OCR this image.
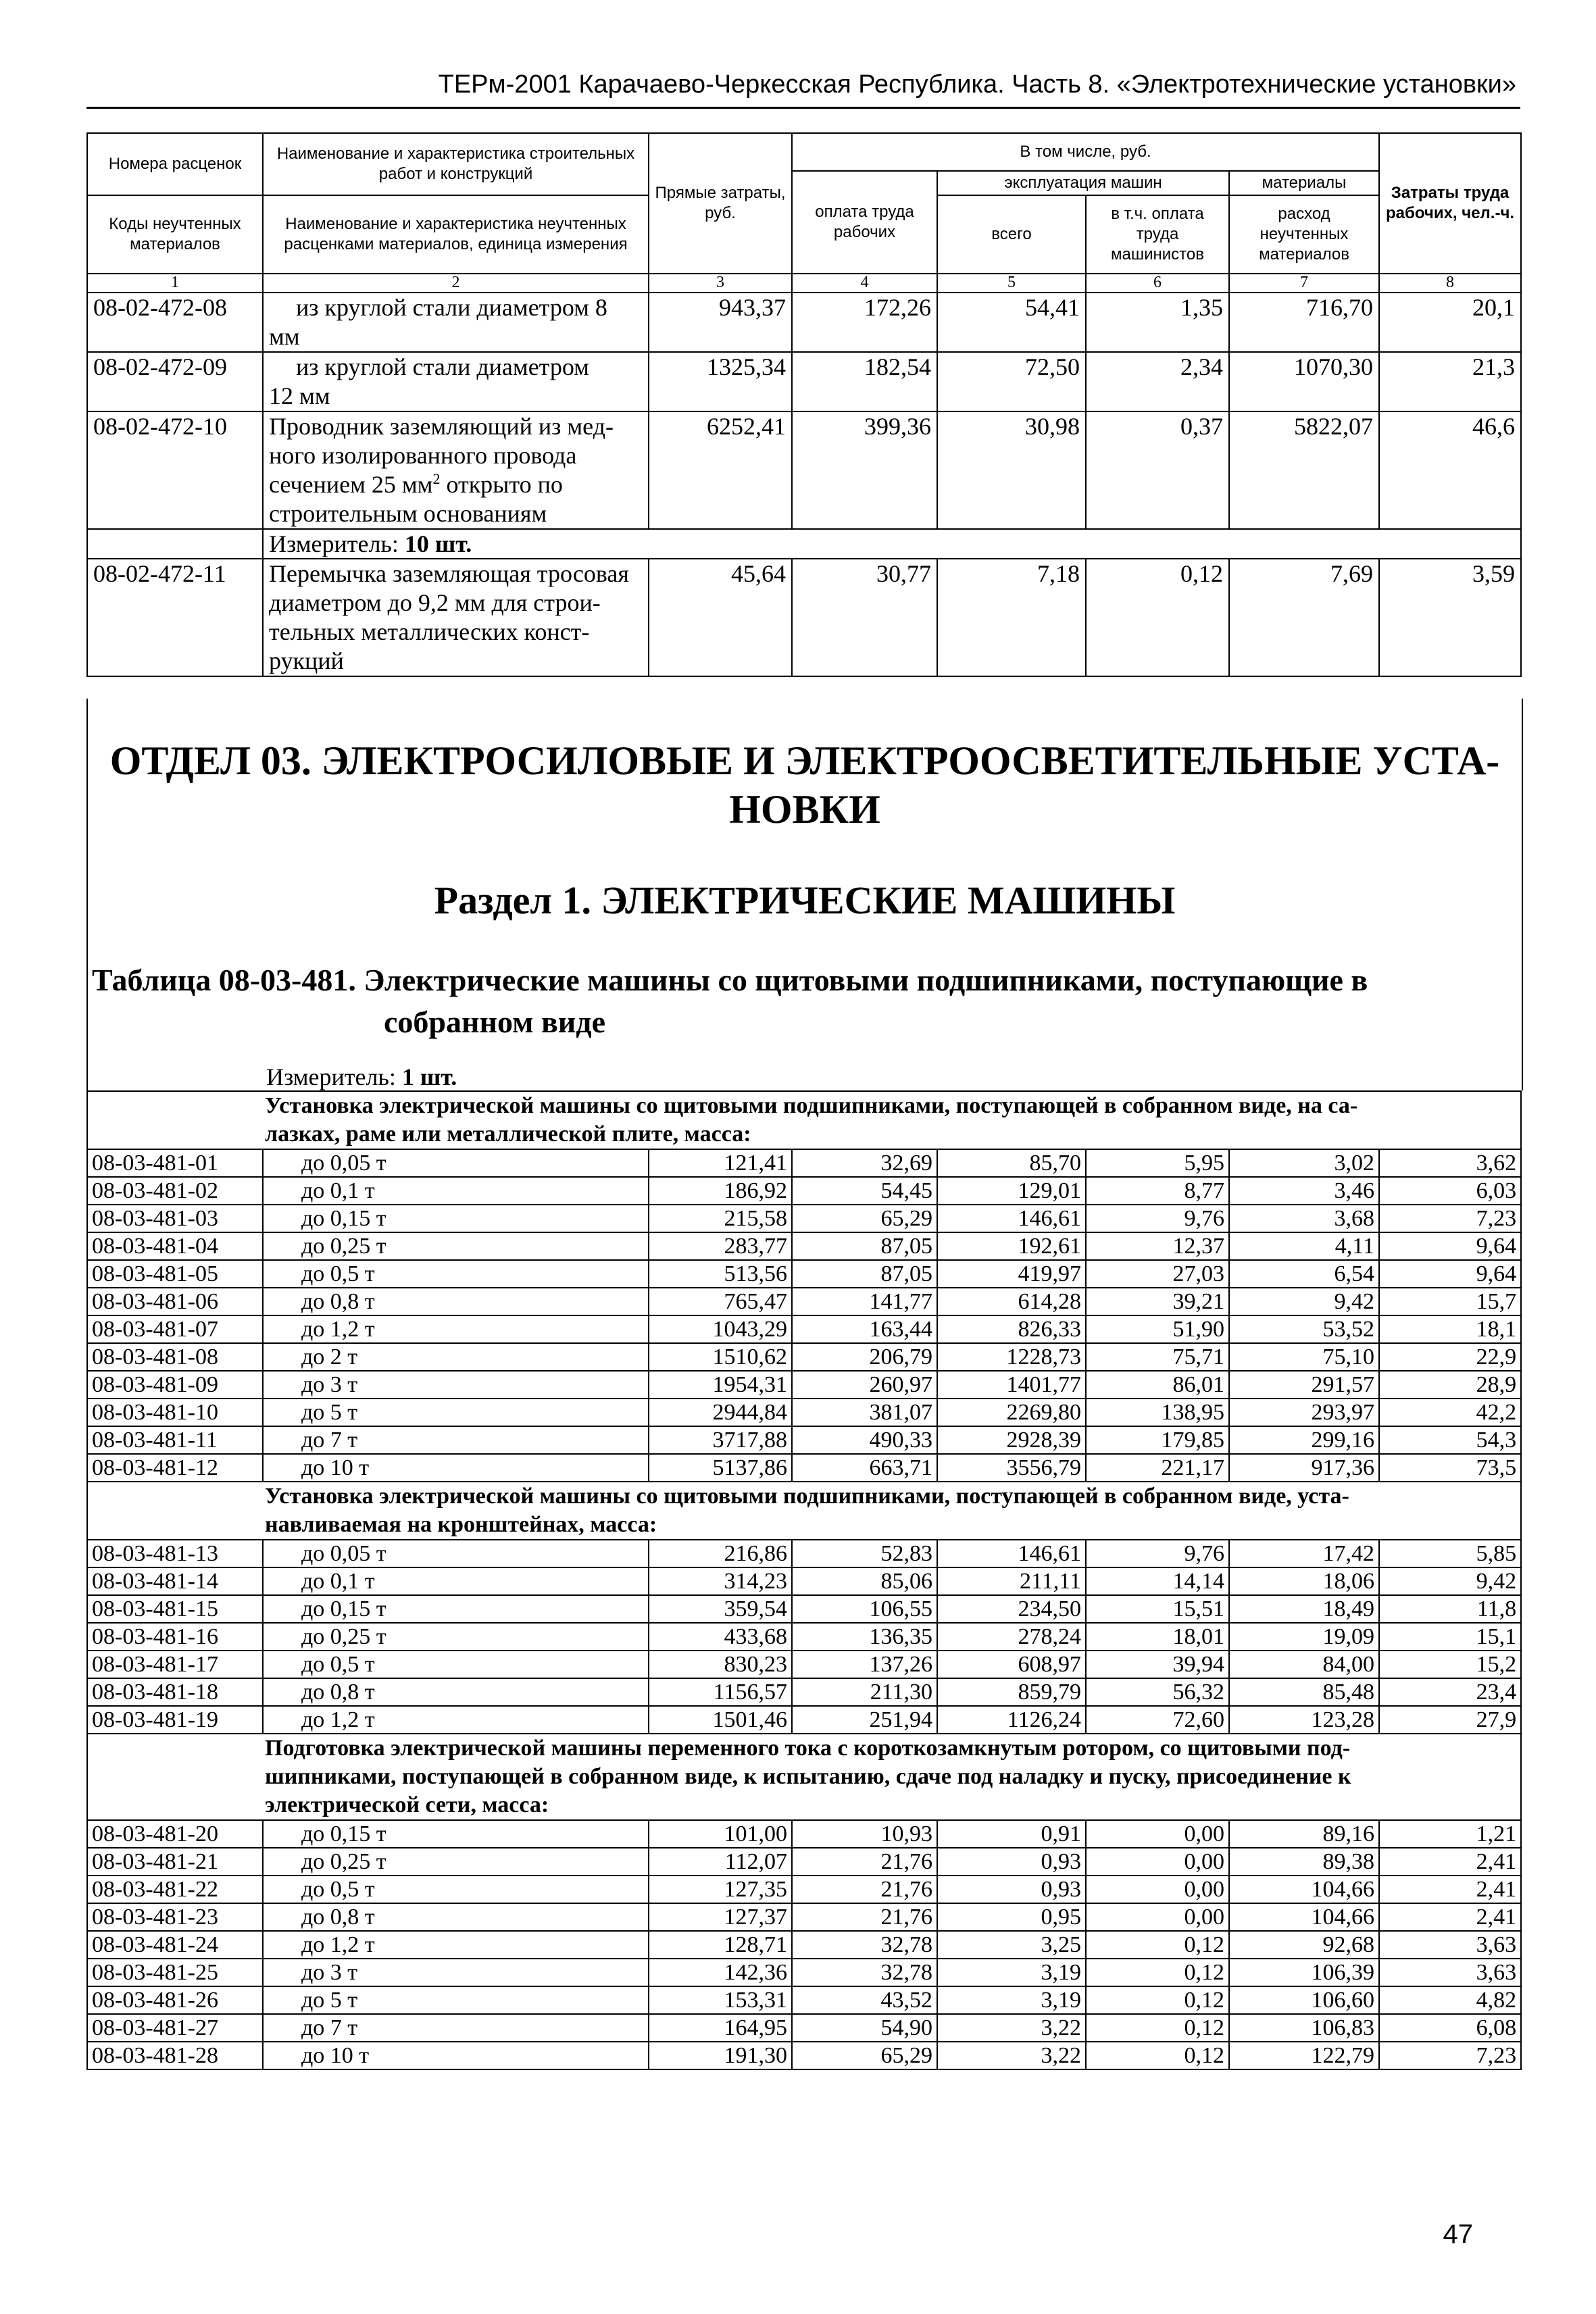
ТЕРм-2001 Карачаево-Черкесская Республика. Часть 8. «Электротехнические установки»
Номера расценок	Наименование и характеристика строительных работ и конструкций	Прямые затраты, руб.	В том числе, руб.				Затраты труда рабочих, чел.-ч.
			оплата труда рабочих	эксплуатация машин		материалы	
Коды неучтенных материалов	Наименование и характеристика неучтенных расценками материалов, единица измерения			всего	в т.ч. оплата труда машинистов	расход неучтенных материалов	

1	2	3	4	5	6	7	8
08-02-472-08	из круглой стали диаметром 8
мм	943,37	172,26	54,41	1,35	716,70	20,1
08-02-472-09	из круглой стали диаметром
12 мм	1325,34	182,54	72,50	2,34	1070,30	21,3
08-02-472-10	Проводник заземляющий из мед-
ного изолированного провода
сечением 25 $мм^2$ открыто по
строительным основаниям	6252,41	399,36	30,98	0,37	5822,07	46,6
	Измеритель: 10 шт.						
08-02-472-11	Перемычка заземляющая тросовая
диаметром до 9,2 мм для строи-
тельных металлических конст-
рукций	45,64	30,77	7,18	0,12	7,69	3,59
ОТДЕЛ 03. ЭЛЕКТРОСИЛОВЫЕ И ЭЛЕКТРООСВЕТИТЕЛЬНЫЕ УСТА-
НОВКИ
Раздел 1. ЭЛЕКТРИЧЕСКИЕ МАШИНЫ
Таблица 08-03-481. Электрические машины со щитовыми подшипниками, поступающие в
собранном виде
Измеритель: 1 шт.
Установка электрической машины со щитовыми подшипниками, поступающей в собранном виде, на са-
лазках, раме или металлической плите, масса:							

08-03-481-01	до 0,05 т	121,41	32,69	85,70	5,95	3,02	3,62
08-03-481-02	до 0,1 т	186,92	54,45	129,01	8,77	3,46	6,03
08-03-481-03	до 0,15 т	215,58	65,29	146,61	9,76	3,68	7,23
08-03-481-04	до 0,25 т	283,77	87,05	192,61	12,37	4,11	9,64
08-03-481-05	до 0,5 т	513,56	87,05	419,97	27,03	6,54	9,64
08-03-481-06	до 0,8 т	765,47	141,77	614,28	39,21	9,42	15,7
08-03-481-07	до 1,2 т	1043,29	163,44	826,33	51,90	53,52	18,1
08-03-481-08	до 2 т	1510,62	206,79	1228,73	75,71	75,10	22,9
08-03-481-09	до 3 т	1954,31	260,97	1401,77	86,01	291,57	28,9
08-03-481-10	до 5 т	2944,84	381,07	2269,80	138,95	293,97	42,2
08-03-481-11	до 7 т	3717,88	490,33	2928,39	179,85	299,16	54,3
08-03-481-12	до 10 т	5137,86	663,71	3556,79	221,17	917,36	73,5

Установка электрической машины со щитовыми подшипниками, поступающей в собранном виде, уста-
навливаемая на кронштейнах, масса:							

08-03-481-13	до 0,05 т	216,86	52,83	146,61	9,76	17,42	5,85
08-03-481-14	до 0,1 т	314,23	85,06	211,11	14,14	18,06	9,42
08-03-481-15	до 0,15 т	359,54	106,55	234,50	15,51	18,49	11,8
08-03-481-16	до 0,25 т	433,68	136,35	278,24	18,01	19,09	15,1
08-03-481-17	до 0,5 т	830,23	137,26	608,97	39,94	84,00	15,2
08-03-481-18	до 0,8 т	1156,57	211,30	859,79	56,32	85,48	23,4
08-03-481-19	до 1,2 т	1501,46	251,94	1126,24	72,60	123,28	27,9

Подготовка электрической машины переменного тока с короткозамкнутым ротором, со щитовыми под-
шипниками, поступающей в собранном виде, к испытанию, сдаче под наладку и пуску, присоединение к
электрической сети, масса:							

08-03-481-20	до 0,15 т	101,00	10,93	0,91	0,00	89,16	1,21
08-03-481-21	до 0,25 т	112,07	21,76	0,93	0,00	89,38	2,41
08-03-481-22	до 0,5 т	127,35	21,76	0,93	0,00	104,66	2,41
08-03-481-23	до 0,8 т	127,37	21,76	0,95	0,00	104,66	2,41
08-03-481-24	до 1,2 т	128,71	32,78	3,25	0,12	92,68	3,63
08-03-481-25	до 3 т	142,36	32,78	3,19	0,12	106,39	3,63
08-03-481-26	до 5 т	153,31	43,52	3,19	0,12	106,60	4,82
08-03-481-27	до 7 т	164,95	54,90	3,22	0,12	106,83	6,08
08-03-481-28	до 10 т	191,30	65,29	3,22	0,12	122,79	7,23
47
